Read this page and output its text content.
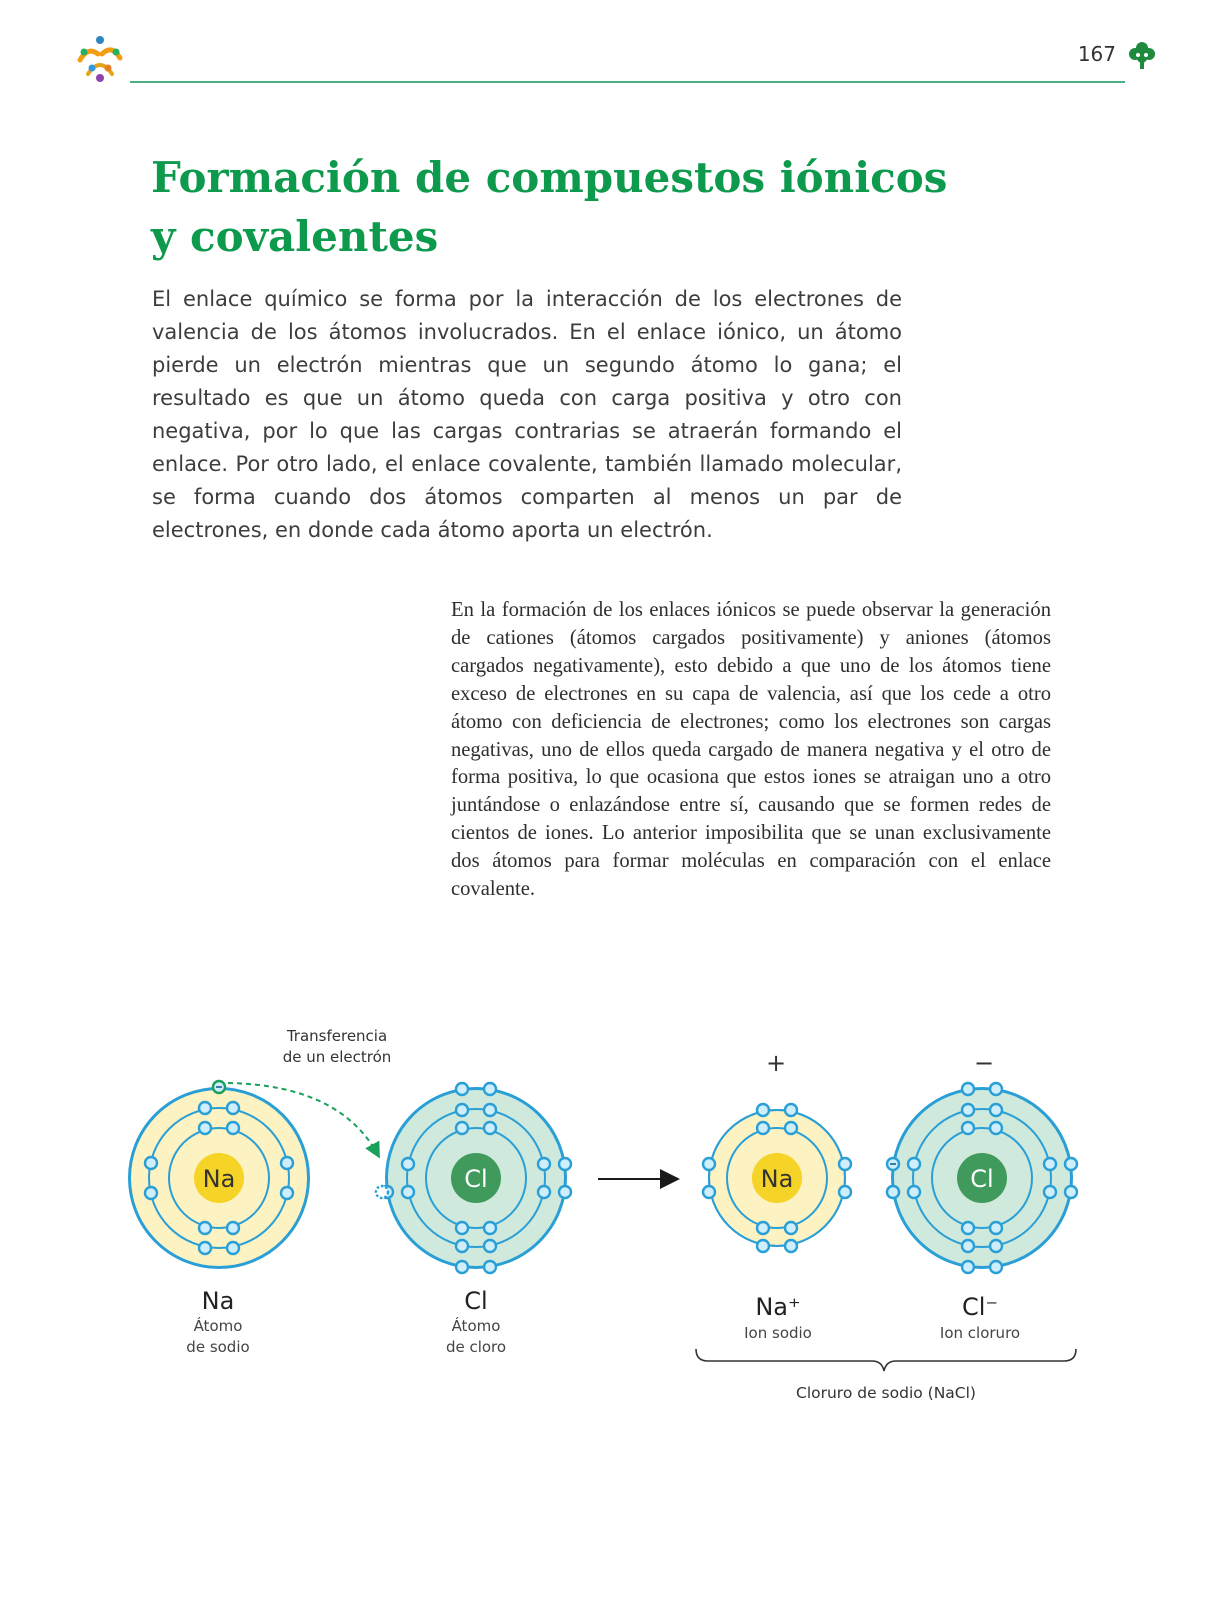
167
Formación de compuestos iónicos
y covalentes

El enlace químico se forma por la interacción de los electrones de valencia de los átomos involucrados. En el enlace iónico, un átomo pierde un electrón mientras que un segundo átomo lo gana; el resultado es que un átomo queda con carga positiva y otro con negativa, por lo que las cargas contrarias se atraerán formando el enlace. Por otro lado, el enlace covalente, también llamado molecular, se forma cuando dos átomos comparten al menos un par de electrones, en donde cada átomo aporta un electrón.

En la formación de los enlaces iónicos se puede observar la generación de cationes (átomos cargados positivamente) y aniones (átomos cargados negativamente), esto debido a que uno de los átomos tiene exceso de electrones en su capa de valencia, así que los cede a otro átomo con deficiencia de electrones; como los electrones son cargas negativas, uno de ellos queda cargado de manera negativa y el otro de forma positiva, lo que ocasiona que estos iones se atraigan uno a otro juntándose o enlazándose entre sí, causando que se formen redes de cientos de iones. Lo anterior imposibilita que se unan exclusivamente dos átomos para formar moléculas en comparación con el enlace covalente.

Transferencia
de un electrón
Na	Cl	Na	Cl
Na
Átomo
de sodio
Cl
Átomo
de cloro
+	−
Na⁺
Ion sodio
Cl⁻
Ion cloruro
Cloruro de sodio (NaCl)
